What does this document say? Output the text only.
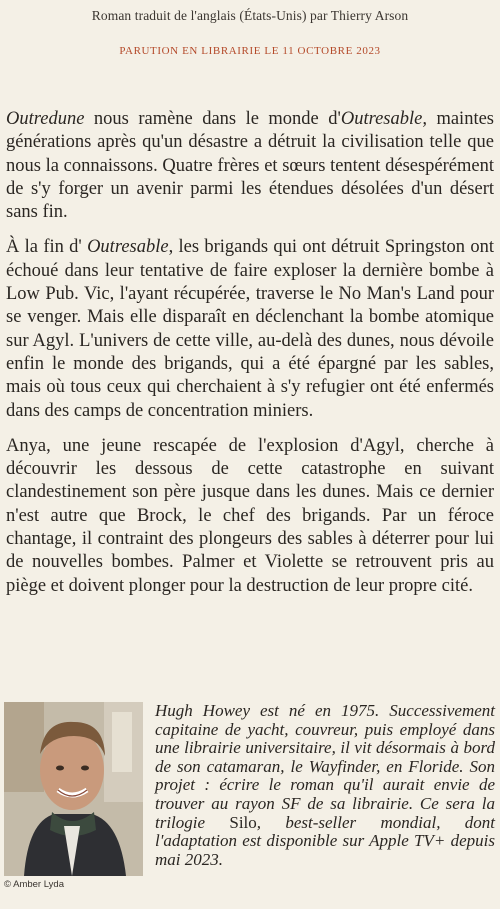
Roman traduit de l'anglais (États-Unis) par Thierry Arson
PARUTION EN LIBRAIRIE LE 11 OCTOBRE 2023

Outredune nous ramène dans le monde d'Outresable, maintes générations après qu'un désastre a détruit la civilisation telle que nous la connaissons. Quatre frères et sœurs tentent désespérément de s'y forger un avenir parmi les étendues désolées d'un désert sans fin.

À la fin d' Outresable, les brigands qui ont détruit Springston ont échoué dans leur tentative de faire exploser la dernière bombe à Low Pub. Vic, l'ayant récupérée, traverse le No Man's Land pour se venger. Mais elle disparaît en déclenchant la bombe atomique sur Agyl. L'univers de cette ville, au-delà des dunes, nous dévoile enfin le monde des brigands, qui a été épargné par les sables, mais où tous ceux qui cherchaient à s'y refugier ont été enfermés dans des camps de concentration miniers.

Anya, une jeune rescapée de l'explosion d'Agyl, cherche à découvrir les dessous de cette catastrophe en suivant clandestinement son père jusque dans les dunes. Mais ce dernier n'est autre que Brock, le chef des brigands. Par un féroce chantage, il contraint des plongeurs des sables à déterrer pour lui de nouvelles bombes. Palmer et Violette se retrouvent pris au piège et doivent plonger pour la destruction de leur propre cité.

© Amber Lyda
Hugh Howey est né en 1975. Successivement capitaine de yacht, couvreur, puis employé dans une librairie universitaire, il vit désormais à bord de son catamaran, le Wayfinder, en Floride. Son projet : écrire le roman qu'il aurait envie de trouver au rayon SF de sa librairie. Ce sera la trilogie Silo, best-seller mondial, dont l'adaptation est disponible sur Apple TV+ depuis mai 2023.
